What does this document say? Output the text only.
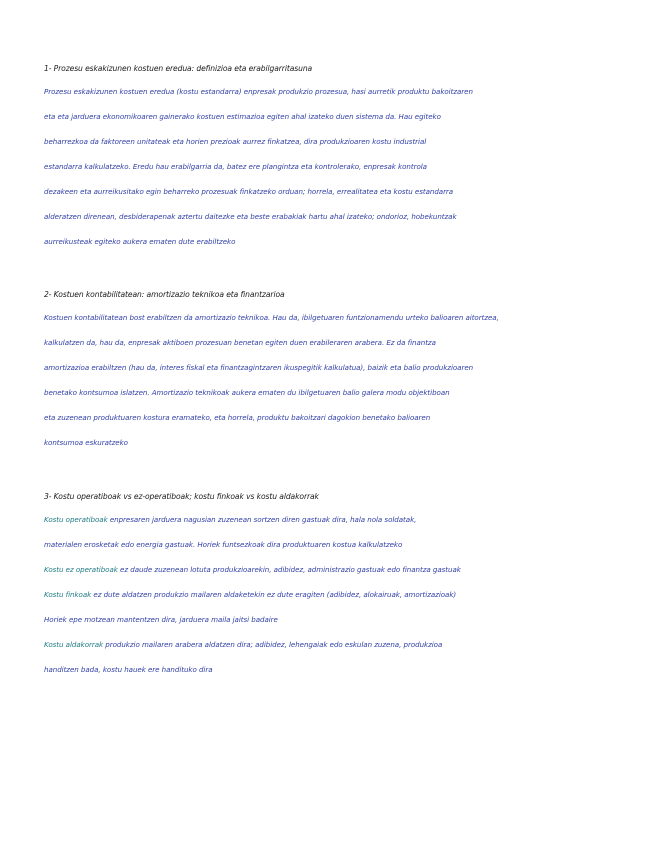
1- Prozesu eskakizunen kostuen eredua: definizioa eta erabilgarritasuna
Prozesu eskakizunen kostuen eredua (kostu estandarra) enpresak produkzio prozesua, hasi aurretik produktu bakoitzaren
eta eta jarduera ekonomikoaren gainerako kostuen estimazioa egiten ahal izateko duen sistema da. Hau egiteko
beharrezkoa da faktoreen unitateak eta horien prezioak aurrez finkatzea, dira produkzioaren kostu industrial
estandarra kalkulatzeko. Eredu hau erabilgarria da, batez ere plangintza eta kontrolerako, enpresak kontrola
dezakeen eta aurreikusitako egin beharreko prozesuak finkatzeko orduan; horrela, errealitatea eta kostu estandarra
alderatzen direnean, desbiderapenak aztertu daitezke eta beste erabakiak hartu ahal izateko; ondorioz, hobekuntzak
aurreikusteak egiteko aukera ematen dute erabiltzeko
2- Kostuen kontabilitatean: amortizazio teknikoa eta finantzarioa
Kostuen kontabilitatean bost erabiltzen da amortizazio teknikoa. Hau da, ibilgetuaren funtzionamendu urteko balioaren aitortzea,
kalkulatzen da, hau da, enpresak aktiboen prozesuan benetan egiten duen erabileraren arabera. Ez da finantza
amortizazioa erabiltzen (hau da, interes fiskal eta finantzagintzaren ikuspegitik kalkulatua), baizik eta balio produkzioaren
benetako kontsumoa islatzen. Amortizazio teknikoak aukera ematen du ibilgetuaren balio galera modu objektiboan
eta zuzenean produktuaren kostura eramateko, eta horrela, produktu bakoitzari dagokion benetako balioaren
kontsumoa eskuratzeko
3- Kostu operatiboak vs ez-operatiboak; kostu finkoak vs kostu aldakorrak
Kostu operatiboak enpresaren jarduera nagusian zuzenean sortzen diren gastuak dira, hala nola soldatak,
materialen erosketak edo energia gastuak. Horiek funtsezkoak dira produktuaren kostua kalkulatzeko
Kostu ez operatiboak ez daude zuzenean lotuta produkzioarekin, adibidez, administrazio gastuak edo finantza gastuak
Kostu finkoak ez dute aldatzen produkzio mailaren aldaketekin ez dute eragiten (adibidez, alokairuak, amortizazioak)
Horiek epe motzean mantentzen dira, jarduera maila jaitsi badaire
Kostu aldakorrak produkzio mailaren arabera aldatzen dira; adibidez, lehengaiak edo eskulan zuzena, produkzioa
handitzen bada, kostu hauek ere handituko dira
